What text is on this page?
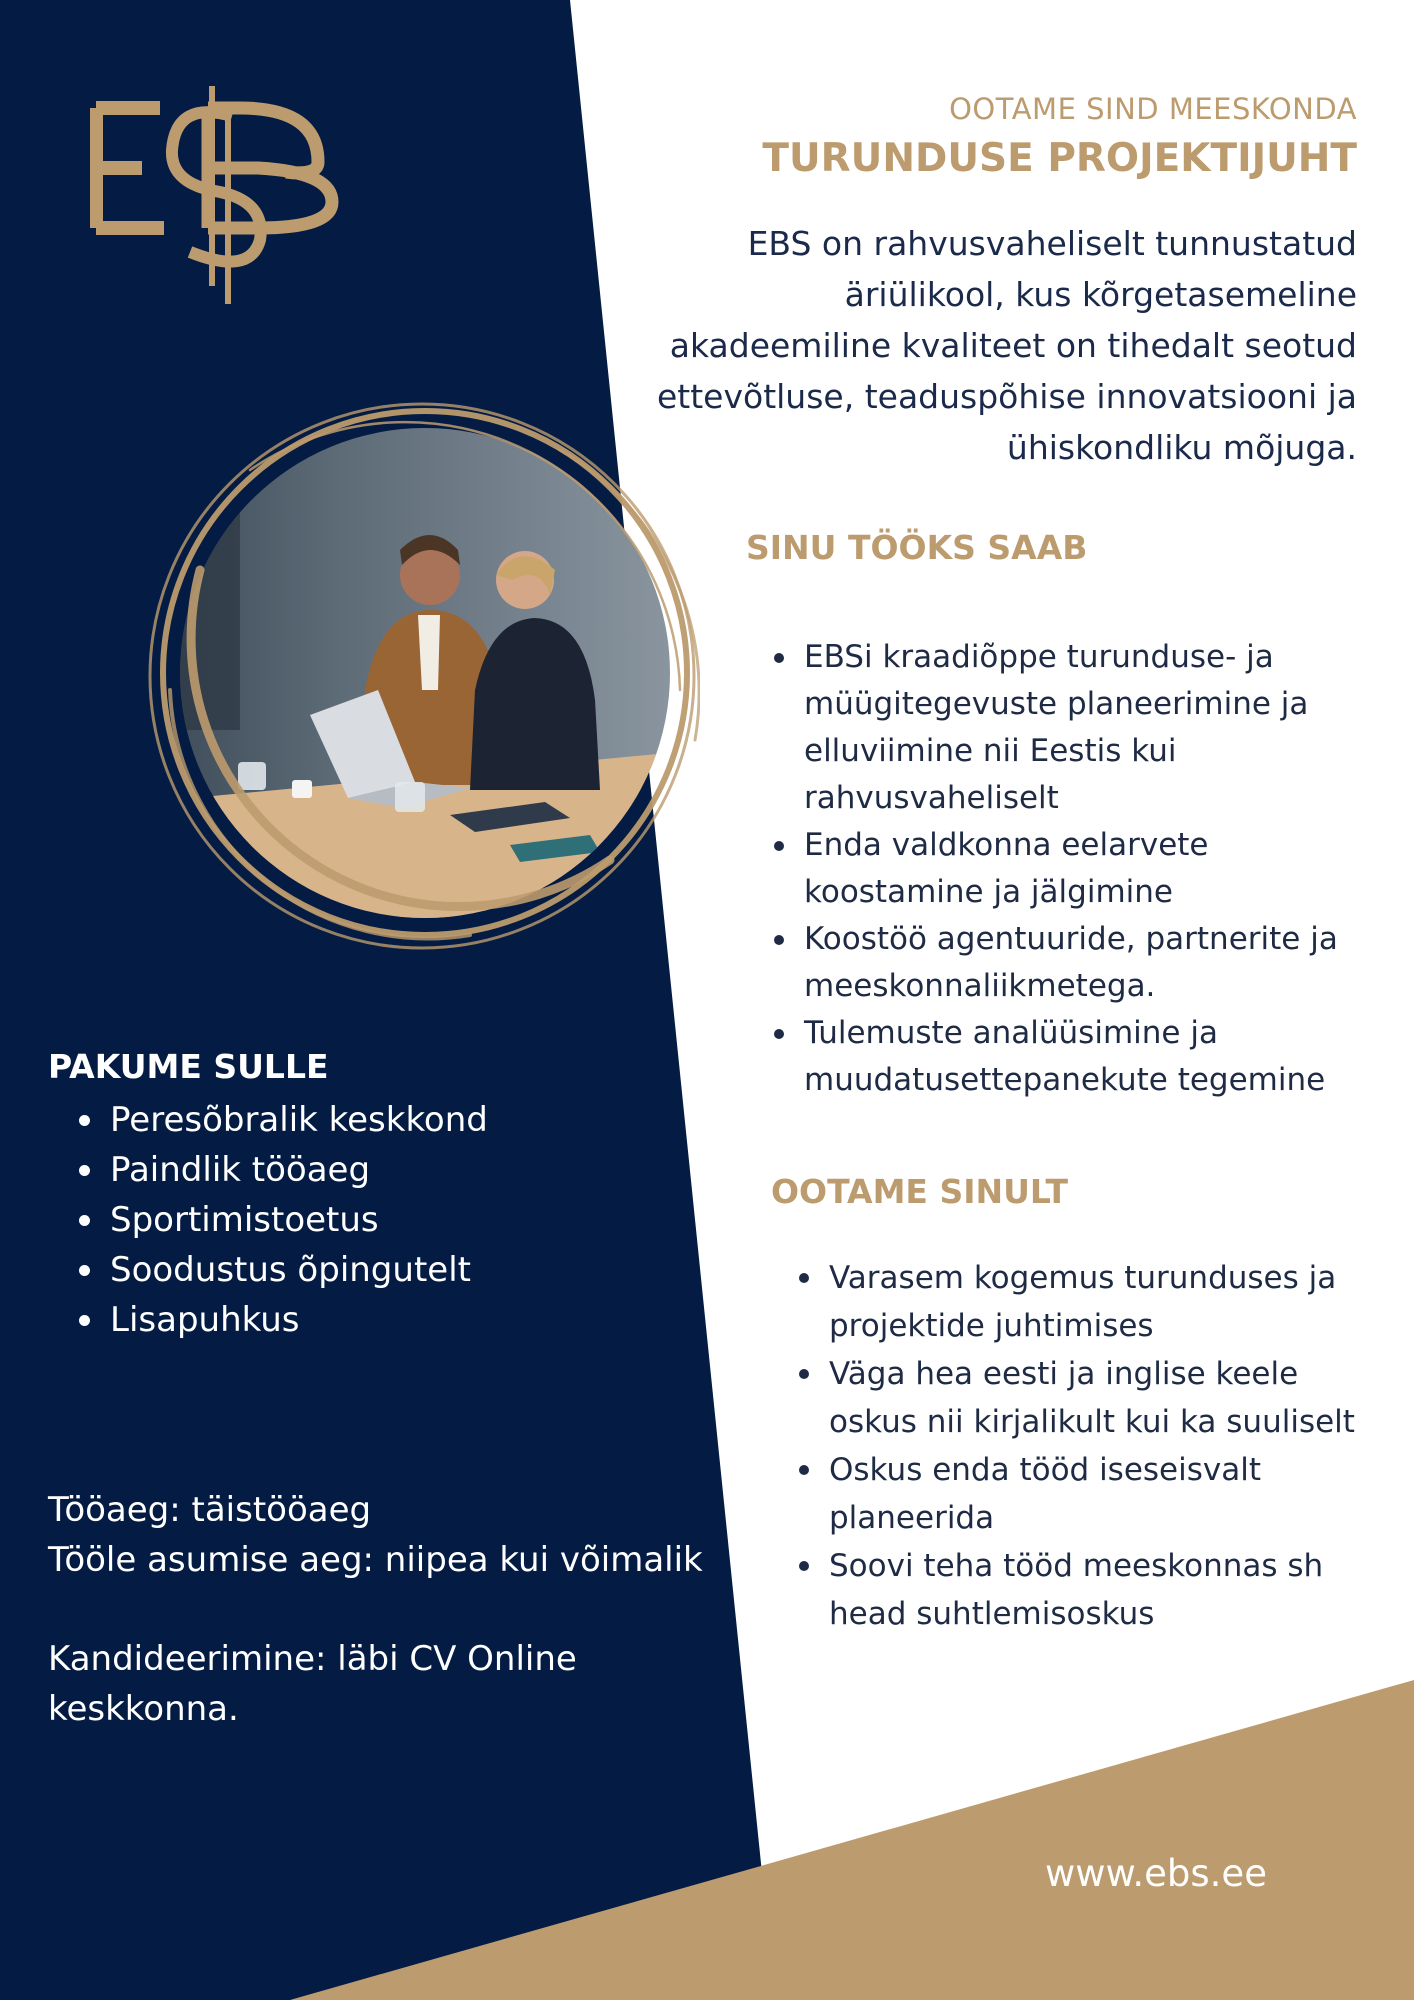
OOTAME SIND MEESKONDA
TURUNDUSE PROJEKTIJUHT
EBS on rahvusvaheliselt tunnustatud äriülikool, kus kõrgetasemeline akadeemiline kvaliteet on tihedalt seotud ettevõtluse, teaduspõhise innovatsiooni ja ühiskondliku mõjuga.
SINU TÖÖKS SAAB
EBSi kraadiõppe turunduse- ja müügitegevuste planeerimine ja elluviimine nii Eestis kui rahvusvaheliselt
Enda valdkonna eelarvete koostamine ja jälgimine
Koostöö agentuuride, partnerite ja meeskonnaliikmetega.
Tulemuste analüüsimine ja muudatusettepanekute tegemine
OOTAME SINULT
Varasem kogemus turunduses ja projektide juhtimises
Väga hea eesti ja inglise keele oskus nii kirjalikult kui ka suuliselt
Oskus enda tööd iseseisvalt planeerida
Soovi teha tööd meeskonnas sh head suhtlemisoskus
PAKUME SULLE
Peresõbralik keskkond
Paindlik tööaeg
Sportimistoetus
Soodustus õpingutelt
Lisapuhkus
Tööaeg: täistööaeg
Tööle asumise aeg: niipea kui võimalik
Kandideerimine: läbi CV Online keskkonna.
www.ebs.ee
